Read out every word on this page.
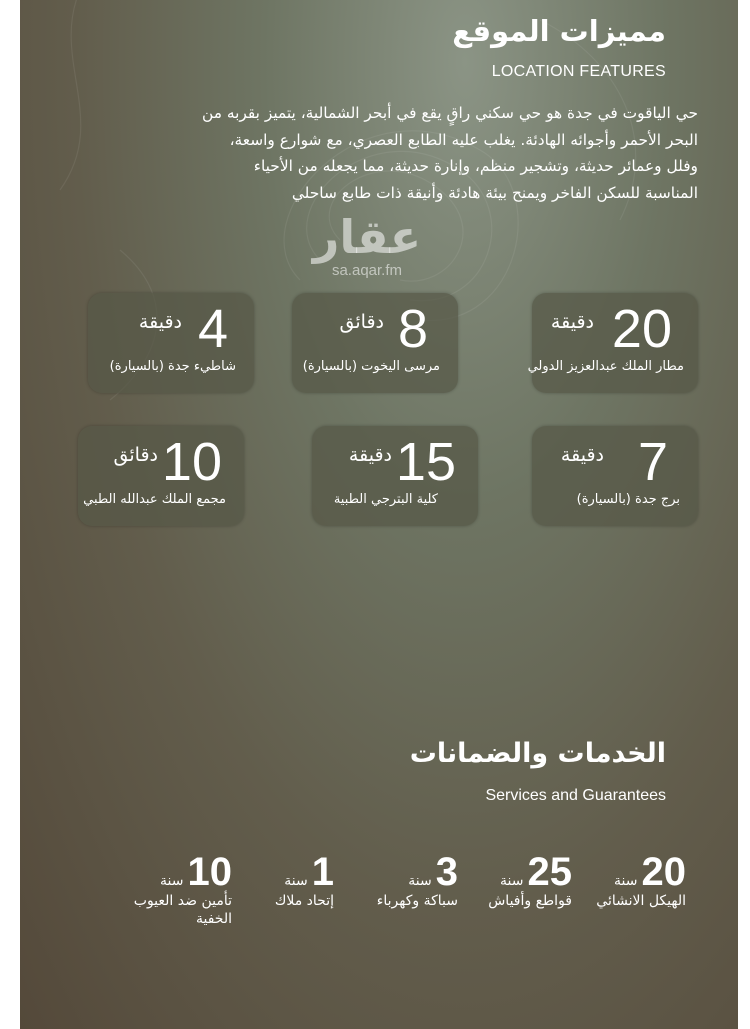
مميزات الموقع
LOCATION FEATURES
حي الياقوت في جدة هو حي سكني راقٍ يقع في أبحر الشمالية، يتميز بقربه من
البحر الأحمر وأجوائه الهادئة. يغلب عليه الطابع العصري، مع شوارع واسعة،
وفلل وعمائر حديثة، وتشجير منظم، وإنارة حديثة، مما يجعله من الأحياء
المناسبة للسكن الفاخر ويمنح بيئة هادئة وأنيقة ذات طابع ساحلي
عقار
sa.aqar.fm
20
دقيقة
مطار الملك عبدالعزيز الدولي
8
دقائق
مرسى اليخوت (بالسيارة)
4
دقيقة
شاطيء جدة (بالسيارة)
7
دقيقة
برج جدة (بالسيارة)
15
دقيقة
كلية البترجي الطبية
10
دقائق
مجمع الملك عبدالله الطبي
الخدمات والضمانات
Services and Guarantees
20سنة
الهيكل الانشائي
25سنة
قواطع وأفياش
3سنة
سباكة وكهرباء
1سنة
إتحاد ملاك
10سنة
تأمين ضد العيوب
الخفية
